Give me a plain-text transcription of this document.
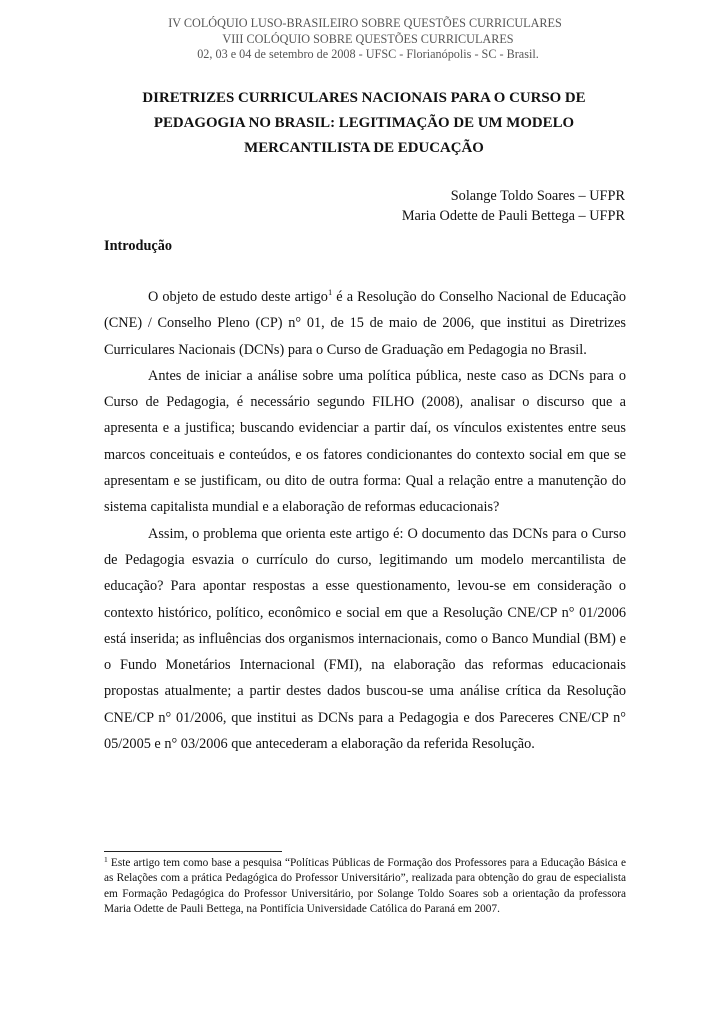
IV COLÓQUIO LUSO-BRASILEIRO SOBRE QUESTÕES CURRICULARES
VIII COLÓQUIO SOBRE QUESTÕES CURRICULARES
02, 03 e 04 de setembro de 2008 - UFSC - Florianópolis - SC - Brasil.
DIRETRIZES CURRICULARES NACIONAIS PARA O CURSO DE
PEDAGOGIA NO BRASIL: LEGITIMAÇÃO DE UM MODELO
MERCANTILISTA DE EDUCAÇÃO
Solange Toldo Soares – UFPR
Maria Odette de Pauli Bettega – UFPR
Introdução

O objeto de estudo deste artigo$^1$ é a Resolução do Conselho Nacional de Educação (CNE) / Conselho Pleno (CP) n° 01, de 15 de maio de 2006, que institui as Diretrizes Curriculares Nacionais (DCNs) para o Curso de Graduação em Pedagogia no Brasil.

Antes de iniciar a análise sobre uma política pública, neste caso as DCNs para o Curso de Pedagogia, é necessário segundo FILHO (2008), analisar o discurso que a apresenta e a justifica; buscando evidenciar a partir daí, os vínculos existentes entre seus marcos conceituais e conteúdos, e os fatores condicionantes do contexto social em que se apresentam e se justificam, ou dito de outra forma: Qual a relação entre a manutenção do sistema capitalista mundial e a elaboração de reformas educacionais?

Assim, o problema que orienta este artigo é: O documento das DCNs para o Curso de Pedagogia esvazia o currículo do curso, legitimando um modelo mercantilista de educação? Para apontar respostas a esse questionamento, levou-se em consideração o contexto histórico, político, econômico e social em que a Resolução CNE/CP n° 01/2006 está inserida; as influências dos organismos internacionais, como o Banco Mundial (BM) e o Fundo Monetários Internacional (FMI), na elaboração das reformas educacionais propostas atualmente; a partir destes dados buscou-se uma análise crítica da Resolução CNE/CP n° 01/2006, que institui as DCNs para a Pedagogia e dos Pareceres CNE/CP n° 05/2005 e n° 03/2006 que antecederam a elaboração da referida Resolução.

$^1$ Este artigo tem como base a pesquisa “Políticas Públicas de Formação dos Professores para a Educação Básica e as Relações com a prática Pedagógica do Professor Universitário”, realizada para obtenção do grau de especialista em Formação Pedagógica do Professor Universitário, por Solange Toldo Soares sob a orientação da professora Maria Odette de Pauli Bettega, na Pontifícia Universidade Católica do Paraná em 2007.
